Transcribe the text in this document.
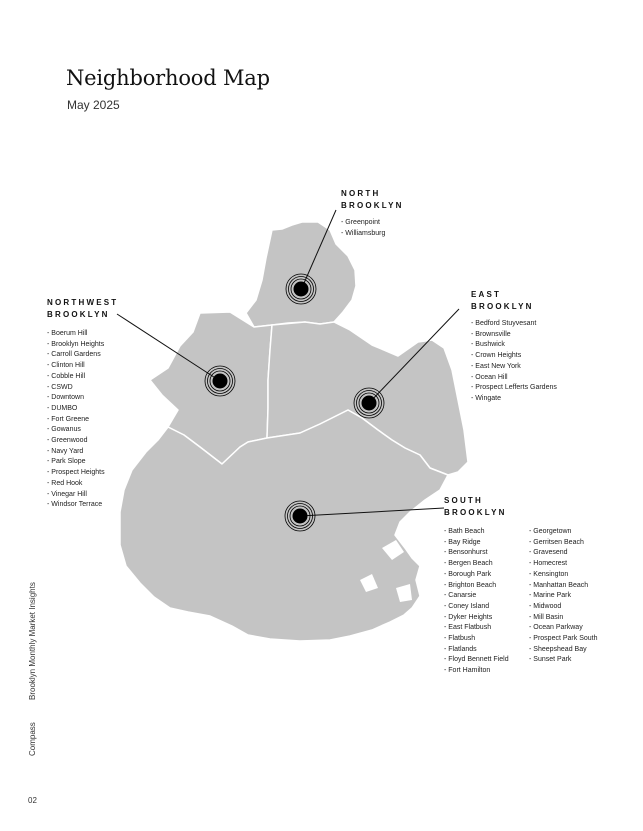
Neighborhood Map

May 2025

NORTH
BROOKLYN
- Greenpoint
- Williamsburg
NORTHWEST
BROOKLYN
- Boerum Hill
- Brooklyn Heights
- Carroll Gardens
- Clinton Hill
- Cobble Hill
- CSWD
- Downtown
- DUMBO
- Fort Greene
- Gowanus
- Greenwood
- Navy Yard
- Park Slope
- Prospect Heights
- Red Hook
- Vinegar Hill
- Windsor Terrace
EAST
BROOKLYN
- Bedford Stuyvesant
- Brownsville
- Bushwick
- Crown Heights
- East New York
- Ocean Hill
- Prospect Lefferts Gardens
- Wingate
SOUTH
BROOKLYN
- Bath Beach
- Bay Ridge
- Bensonhurst
- Bergen Beach
- Borough Park
- Brighton Beach
- Canarsie
- Coney Island
- Dyker Heights
- East Flatbush
- Flatbush
- Flatlands
- Floyd Bennett Field
- Fort Hamilton
- Georgetown
- Gerritsen Beach
- Gravesend
- Homecrest
- Kensington
- Manhattan Beach
- Marine Park
- Midwood
- Mill Basin
- Ocean Parkway
- Prospect Park South
- Sheepshead Bay
- Sunset Park
Brooklyn Monthly Market Insights
Compass
02
